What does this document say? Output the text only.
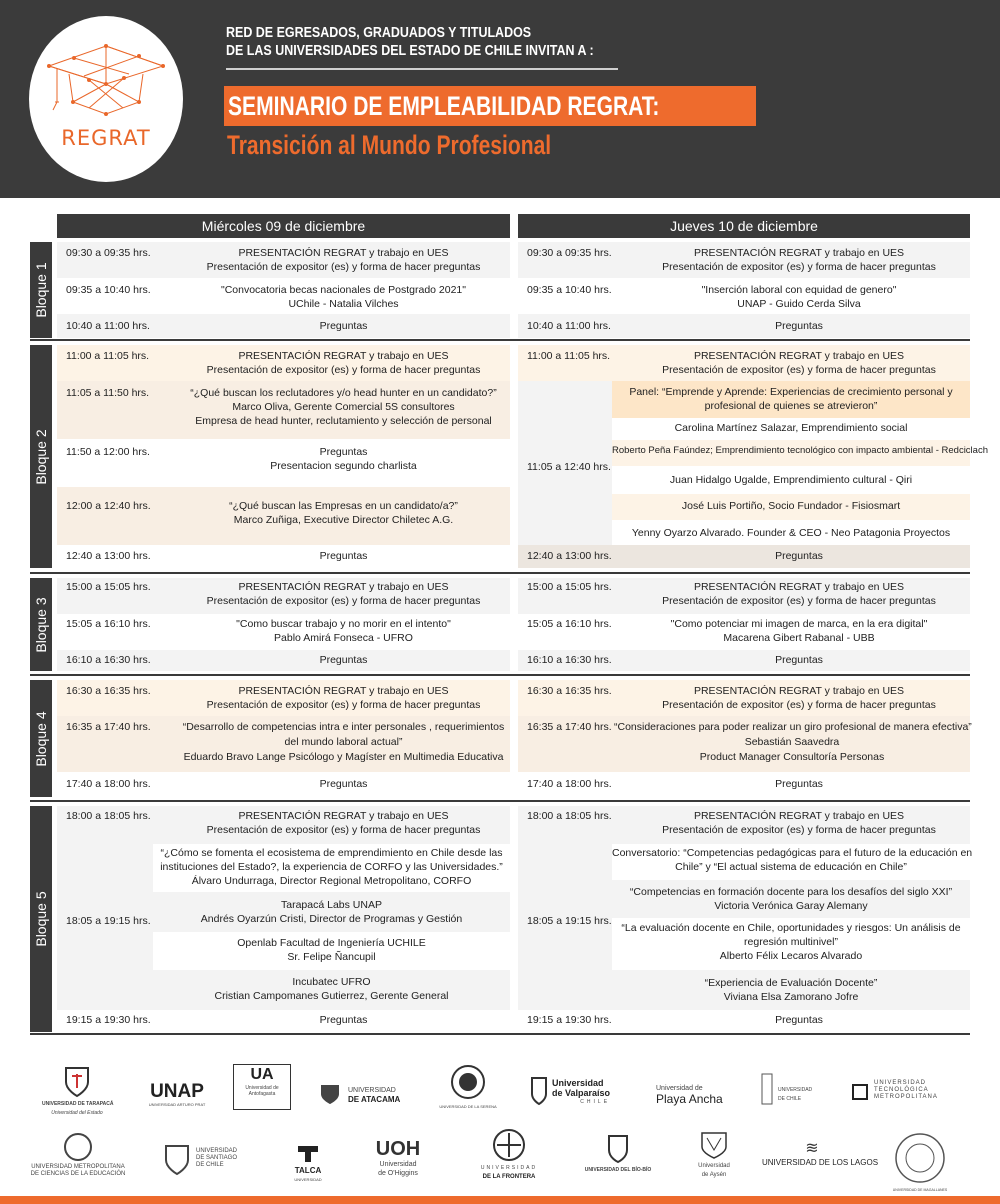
REGRAT
RED DE EGRESADOS, GRADUADOS Y TITULADOS
DE LAS UNIVERSIDADES DEL ESTADO DE CHILE INVITAN A :
SEMINARIO DE EMPLEABILIDAD REGRAT:
Transición al Mundo Profesional
Miércoles 09 de diciembre	Jueves 10 de diciembre
Bloque 1
Bloque 2
Bloque 3
Bloque 4
Bloque 5
09:30 a 09:35 hrs.	PRESENTACIÓN REGRAT y trabajo en UES
Presentación de expositor (es) y forma de hacer preguntas
09:35 a 10:40 hrs.	"Convocatoria becas nacionales de Postgrado 2021"
UChile - Natalia Vilches
10:40 a 11:00 hrs.	Preguntas
11:00 a 11:05 hrs.	PRESENTACIÓN REGRAT y trabajo en UES
Presentación de expositor (es) y forma de hacer preguntas
11:05 a 11:50 hrs.	“¿Qué buscan los reclutadores y/o head hunter en un candidato?”
Marco Oliva, Gerente Comercial 5S consultores
Empresa de head hunter, reclutamiento y selección de personal
11:50 a 12:00 hrs.	Preguntas
Presentacion segundo charlista
12:00 a 12:40 hrs.	“¿Qué buscan las Empresas en un candidato/a?”
Marco Zuñiga, Executive Director Chiletec A.G.
12:40 a 13:00 hrs.	Preguntas
15:00 a 15:05 hrs.	PRESENTACIÓN REGRAT y trabajo en UES
Presentación de expositor (es) y forma de hacer preguntas
15:05 a 16:10 hrs.	"Como buscar trabajo y no morir en el intento"
Pablo Amirá Fonseca - UFRO
16:10 a 16:30 hrs.	Preguntas
16:30 a 16:35 hrs.	PRESENTACIÓN REGRAT y trabajo en UES
Presentación de expositor (es) y forma de hacer preguntas
16:35 a 17:40 hrs.	“Desarrollo de competencias intra e inter personales , requerimientos
del mundo laboral actual”
Eduardo Bravo Lange Psicólogo y Magíster en Multimedia Educativa
17:40 a 18:00 hrs.	Preguntas
18:00 a 18:05 hrs.	PRESENTACIÓN REGRAT y trabajo en UES
Presentación de expositor (es) y forma de hacer preguntas
18:05 a 19:15 hrs.
“¿Cómo se fomenta el ecosistema de emprendimiento en Chile desde las
instituciones del Estado?, la experiencia de CORFO y las Universidades.”
Álvaro Undurraga, Director Regional Metropolitano, CORFO
Tarapacá Labs UNAP
Andrés Oyarzún Cristi, Director de Programas y Gestión
Openlab Facultad de Ingeniería UCHILE
Sr. Felipe Ñancupil
Incubatec UFRO
Cristian Campomanes Gutierrez, Gerente General
19:15 a 19:30 hrs.	Preguntas
09:30 a 09:35 hrs.	PRESENTACIÓN REGRAT y trabajo en UES
Presentación de expositor (es) y forma de hacer preguntas
09:35 a 10:40 hrs.	"Inserción laboral con equidad de genero"
UNAP - Guido Cerda Silva
10:40 a 11:00 hrs.	Preguntas
11:00 a 11:05 hrs.	PRESENTACIÓN REGRAT y trabajo en UES
Presentación de expositor (es) y forma de hacer preguntas
11:05 a 12:40 hrs.
Panel: “Emprende y Aprende: Experiencias de crecimiento personal y
profesional de quienes se atrevieron”
Carolina Martínez Salazar, Emprendimiento social
Roberto Peña Faúndez; Emprendimiento tecnológico con impacto ambiental - Redciclach
Juan Hidalgo Ugalde, Emprendimiento cultural - Qiri
José Luis Portiño, Socio Fundador - Fisiosmart
Yenny Oyarzo Alvarado. Founder & CEO - Neo Patagonia Proyectos
12:40 a 13:00 hrs.	Preguntas
15:00 a 15:05 hrs.	PRESENTACIÓN REGRAT y trabajo en UES
Presentación de expositor (es) y forma de hacer preguntas
15:05 a 16:10 hrs.	"Como potenciar mi imagen de marca, en la era digital"
Macarena Gibert Rabanal - UBB
16:10 a 16:30 hrs.	Preguntas
16:30 a 16:35 hrs.	PRESENTACIÓN REGRAT y trabajo en UES
Presentación de expositor (es) y forma de hacer preguntas
16:35 a 17:40 hrs. “Consideraciones para poder realizar un giro profesional de manera efectiva”
Sebastián Saavedra
Product Manager Consultoría Personas
17:40 a 18:00 hrs.	Preguntas
18:00 a 18:05 hrs.	PRESENTACIÓN REGRAT y trabajo en UES
Presentación de expositor (es) y forma de hacer preguntas
18:05 a 19:15 hrs.
Conversatorio: “Competencias pedagógicas para el futuro de la educación en
Chile” y “El actual sistema de educación en Chile”
“Competencias en formación docente para los desafíos del siglo XXI”
Victoria Verónica Garay Alemany
“La evaluación docente en Chile, oportunidades y riesgos: Un análisis de
regresión multinivel”
Alberto Félix Lecaros Alvarado
“Experiencia de Evaluación Docente”
Viviana Elsa Zamorano Jofre
19:15 a 19:30 hrs.	Preguntas
UNIVERSIDAD DE TARAPACÁ
Universidad del Estado
UNAP
UNIVERSIDAD ARTURO PRAT
UA
Universidad de Antofagasta	UNIVERSIDAD
DE ATACAMA
UNIVERSIDAD DE LA SERENA
Universidad
de Valparaíso
CHILE
Universidad de
Playa Ancha
UNIVERSIDAD
DE CHILE
UNIVERSIDAD
TECNOLÓGICA
METROPOLITANA
UNIVERSIDAD METROPOLITANA
DE CIENCIAS DE LA EDUCACIÓN
UNIVERSIDAD
DE SANTIAGO
DE CHILE
TALCA
UNIVERSIDAD
UOH
Universidad
de O'Higgins
UNIVERSIDAD
DE LA FRONTERA
UNIVERSIDAD DEL BÍO-BÍO
Universidad
de Aysén
≋
UNIVERSIDAD DE LOS LAGOS
UNIVERSIDAD DE MAGALLANES
